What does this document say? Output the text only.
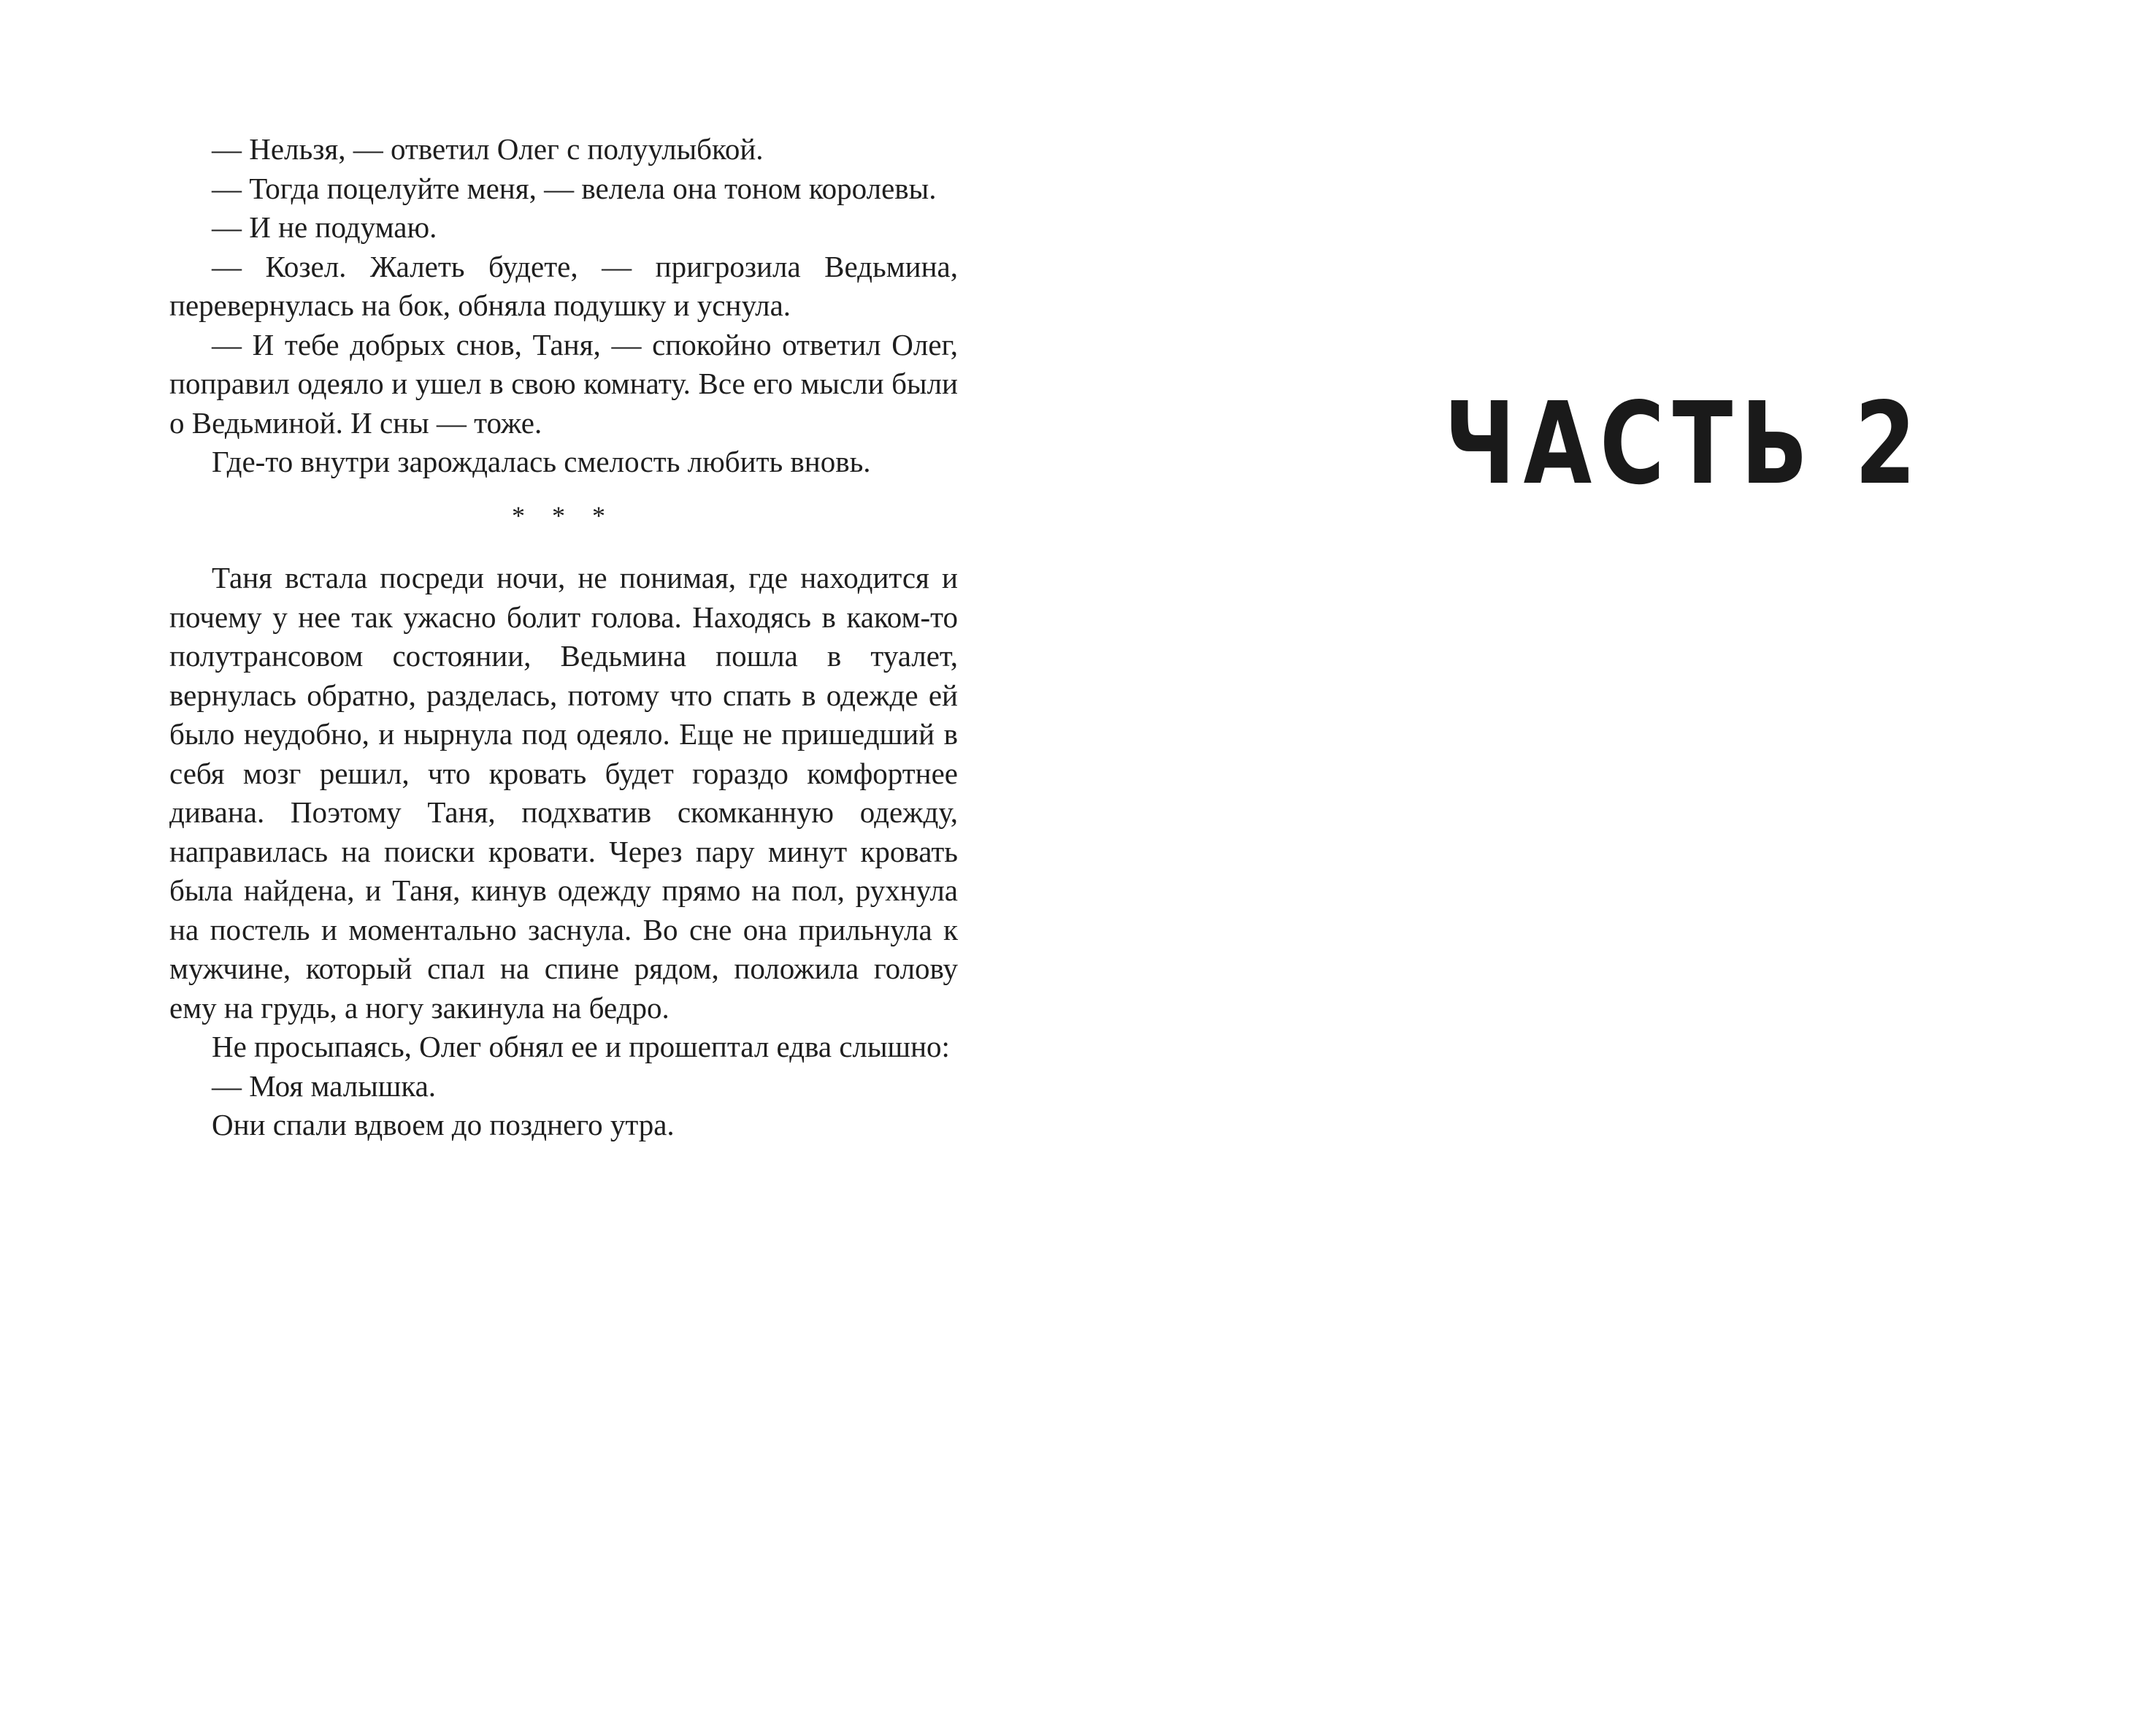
— Нельзя, — ответил Олег с полуулыбкой.

— Тогда поцелуйте меня, — велела она тоном королевы.

— И не подумаю.

— Козел. Жалеть будете, — пригрозила Ведьмина, перевернулась на бок, обняла подушку и уснула.

— И тебе добрых снов, Таня, — спокойно ответил Олег, поправил одеяло и ушел в свою комнату. Все его мысли были о Ведьминой. И сны — тоже.

Где-то внутри зарождалась смелость любить вновь.

* * *

Таня встала посреди ночи, не понимая, где находится и почему у нее так ужасно болит голова. Находясь в каком-то полутрансовом состоянии, Ведьмина пошла в туалет, вернулась обратно, разделась, потому что спать в одежде ей было неудобно, и нырнула под одеяло. Еще не пришедший в себя мозг решил, что кровать будет гораздо комфортнее дивана. Поэтому Таня, подхватив скомканную одежду, направилась на поиски кровати. Через пару минут кровать была найдена, и Таня, кинув одежду прямо на пол, рухнула на постель и моментально заснула. Во сне она прильнула к мужчине, который спал на спине рядом, положила голову ему на грудь, а ногу закинула на бедро.

Не просыпаясь, Олег обнял ее и прошептал едва слышно:

— Моя малышка.

Они спали вдвоем до позднего утра.

ЧАСТЬ 2
